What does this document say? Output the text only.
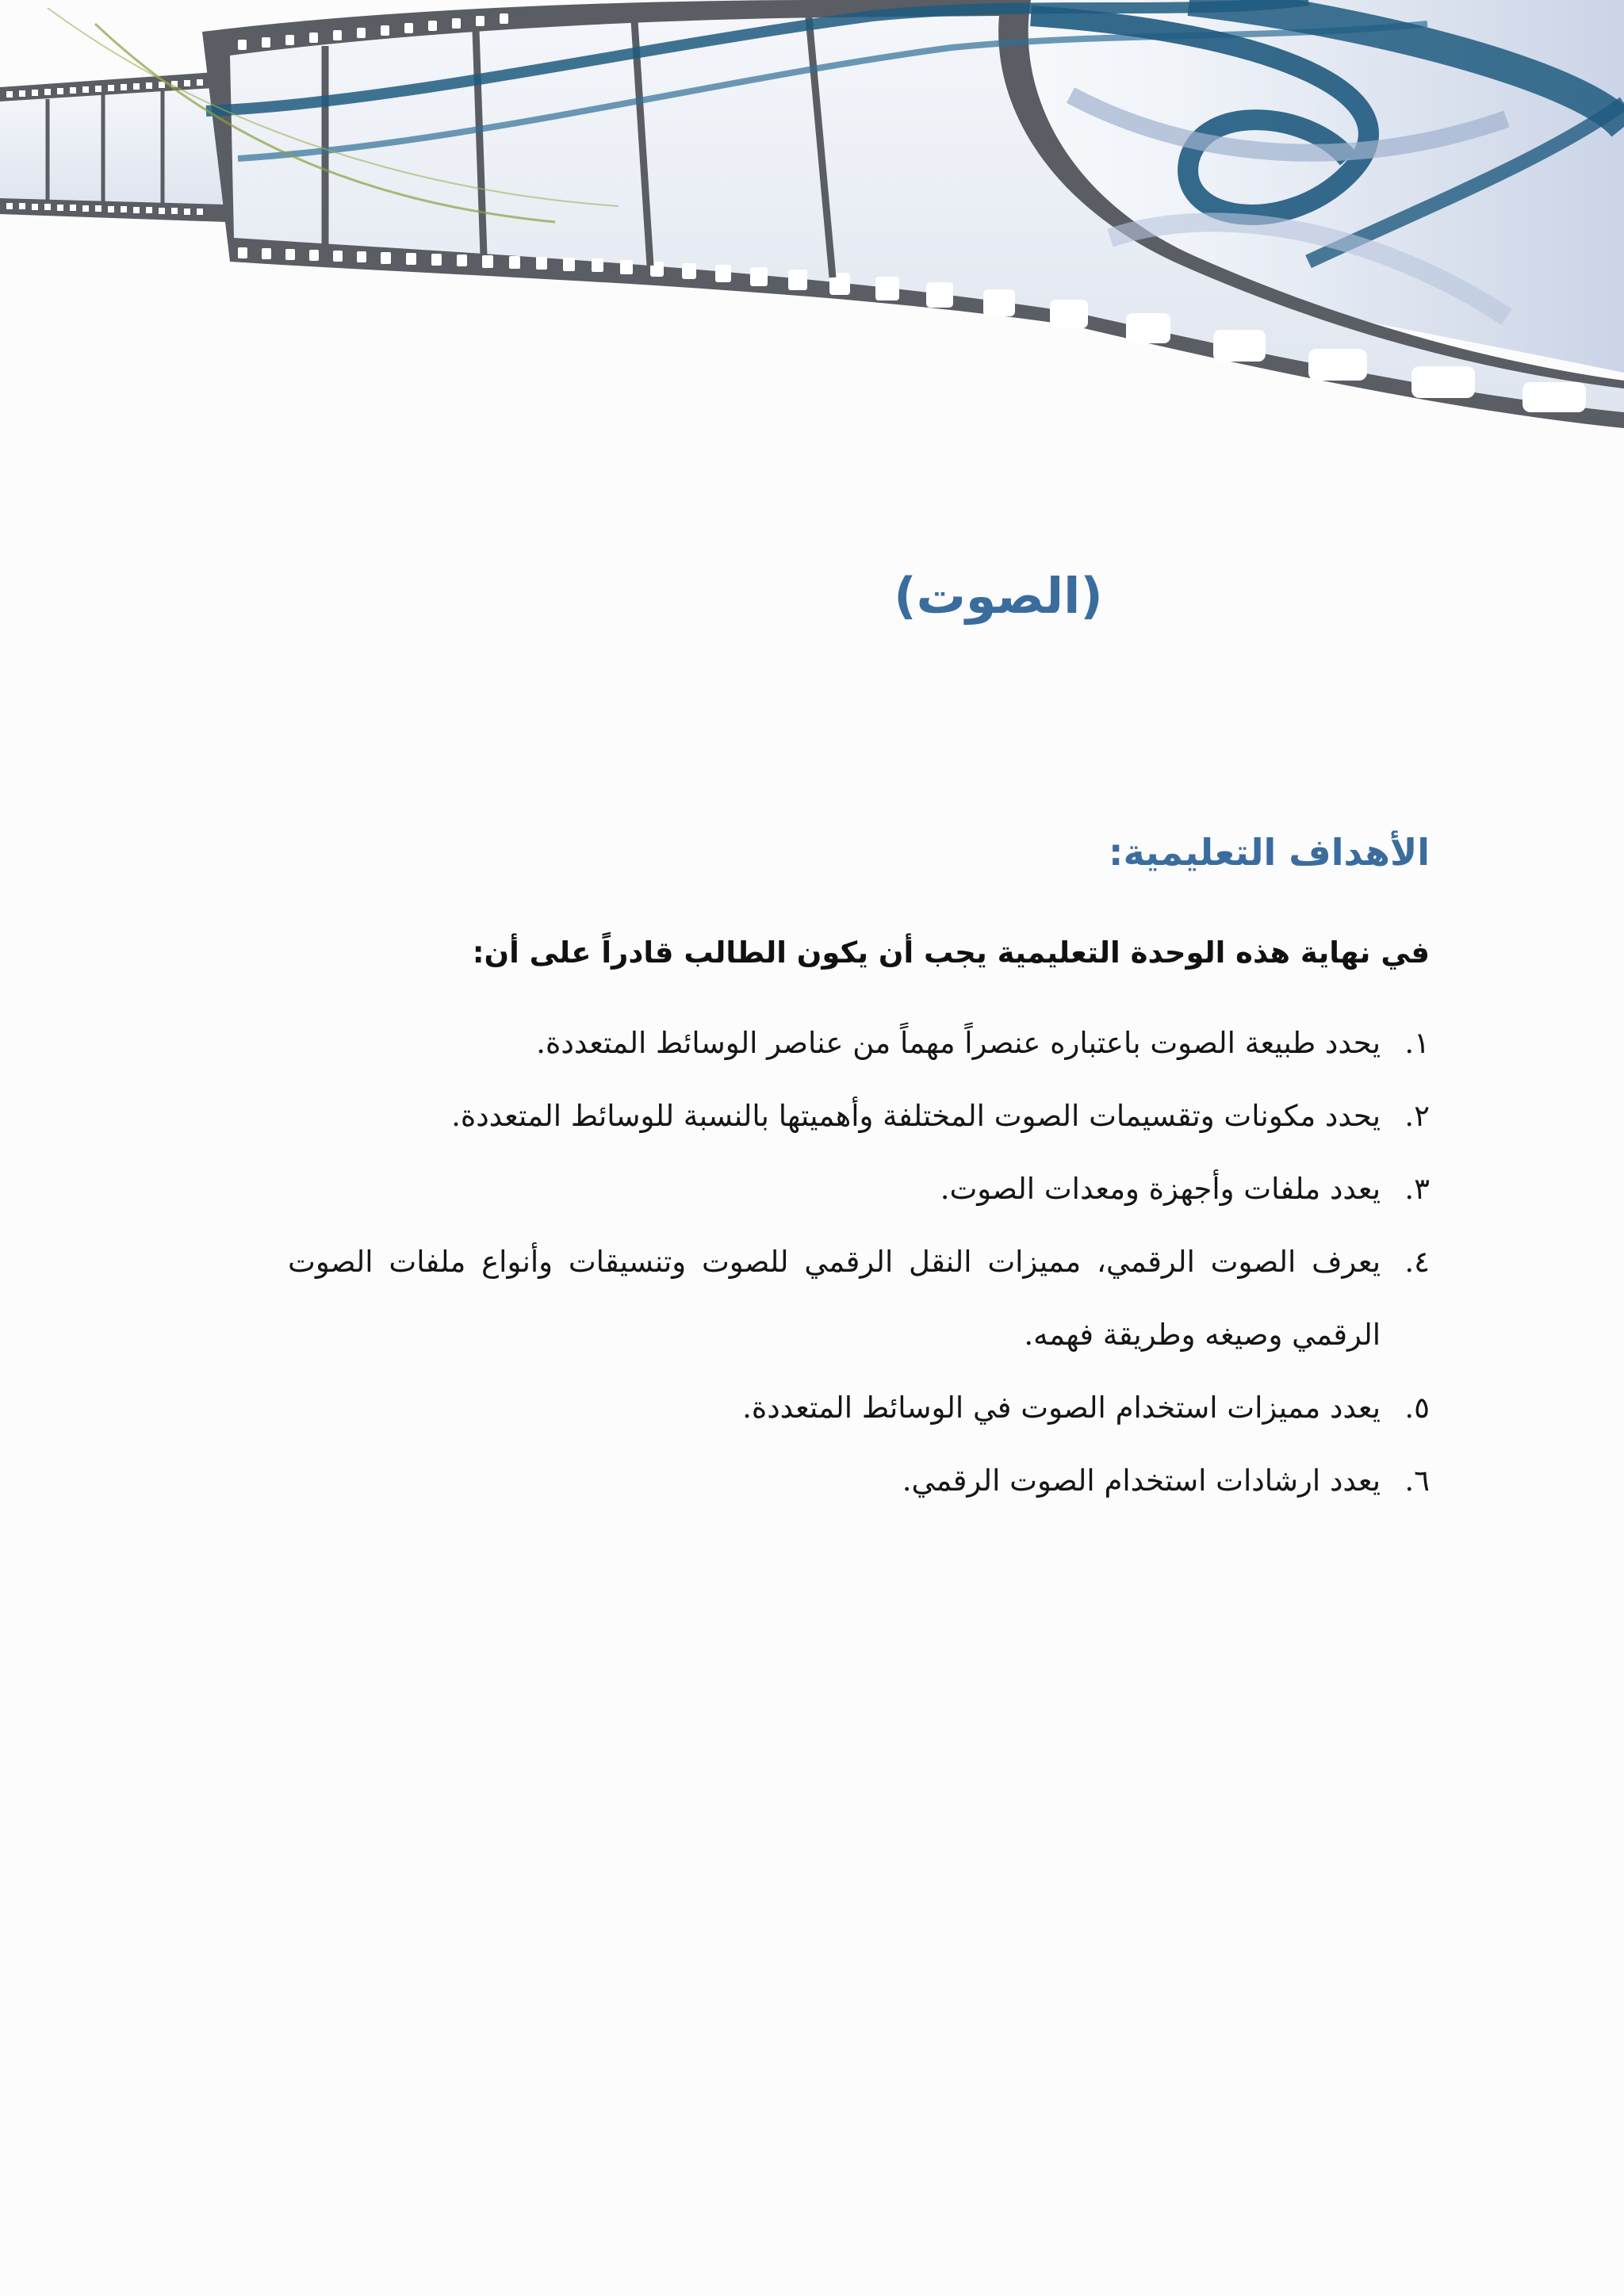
(الصوت)
الأهداف التعليمية:

في نهاية هذه الوحدة التعليمية يجب أن يكون الطالب قادراً على أن:

١.
يحدد طبيعة الصوت باعتباره عنصراً مهماً من عناصر الوسائط المتعددة.
٢.
يحدد مكونات وتقسيمات الصوت المختلفة وأهميتها بالنسبة للوسائط المتعددة.
٣.
يعدد ملفات وأجهزة ومعدات الصوت.
٤.
يعرف الصوت الرقمي، مميزات النقل الرقمي للصوت وتنسيقات وأنواع ملفات الصوت الرقمي وصيغه وطريقة فهمه.
٥.
يعدد مميزات استخدام الصوت في الوسائط المتعددة.
٦.
يعدد ارشادات استخدام الصوت الرقمي.
